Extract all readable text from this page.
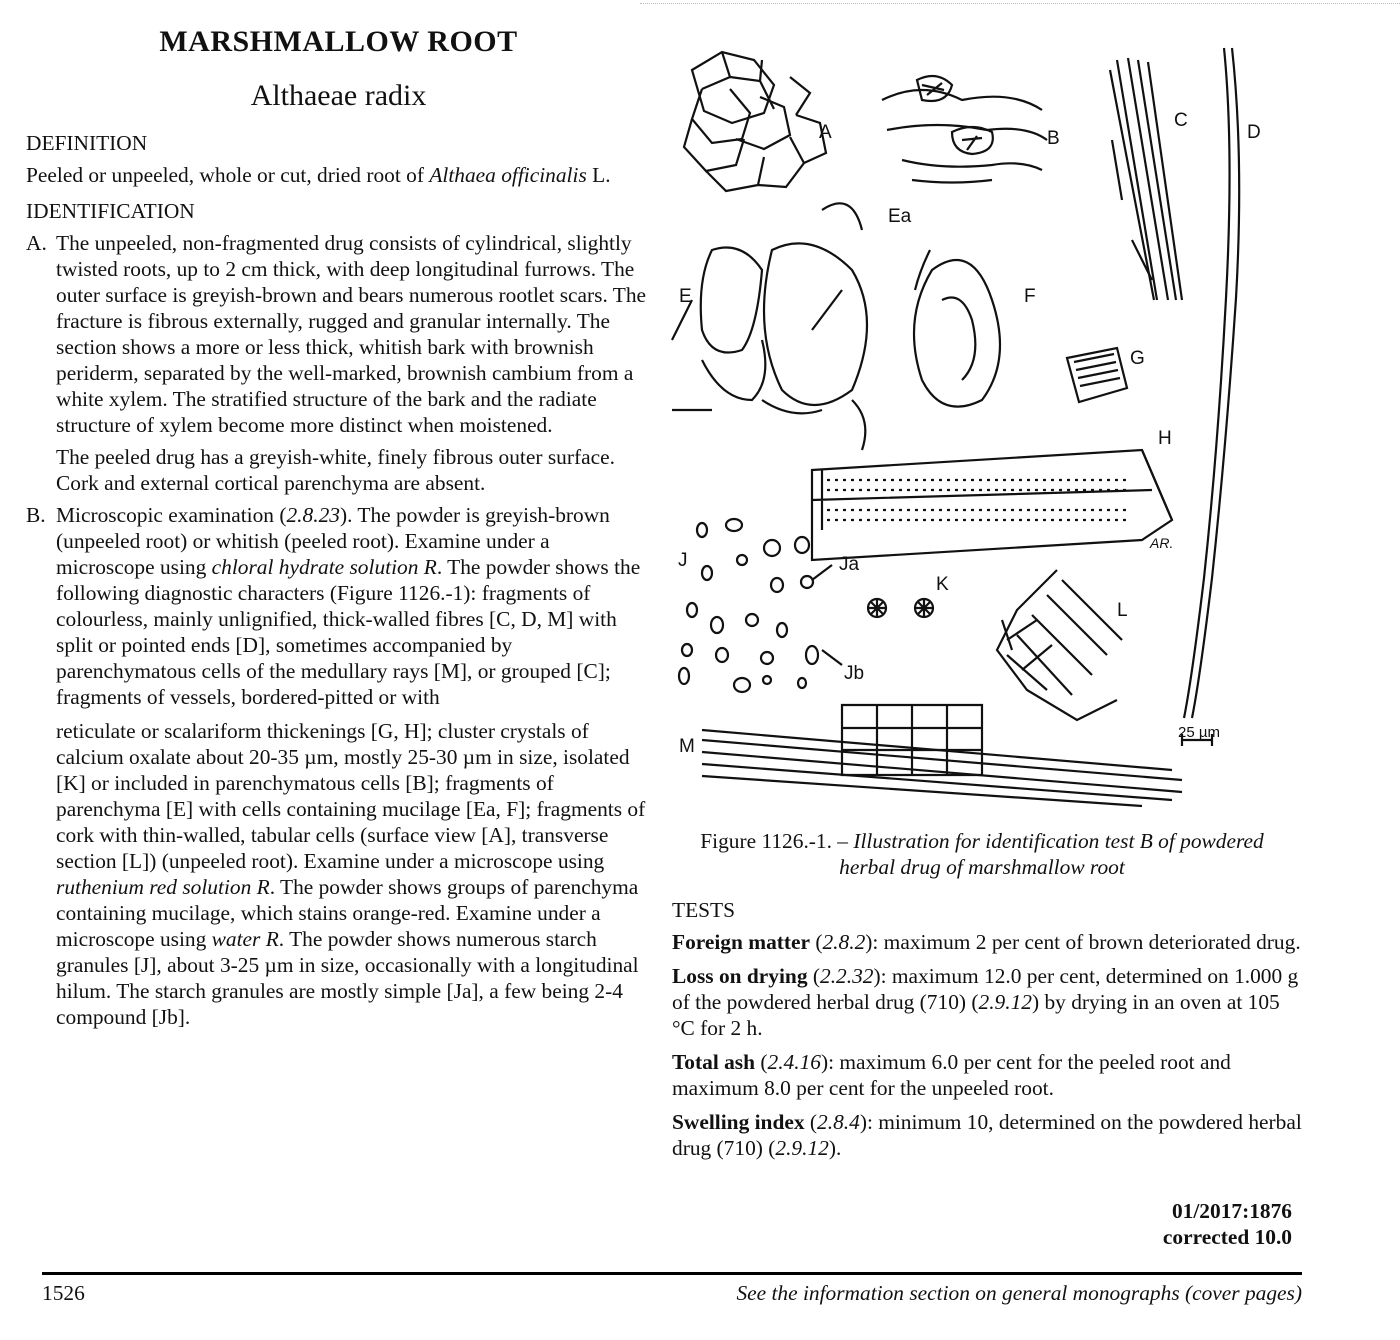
MARSHMALLOW ROOT
Althaeae radix
DEFINITION

Peeled or unpeeled, whole or cut, dried root of Althaea officinalis L.

IDENTIFICATION
A. The unpeeled, non-fragmented drug consists of cylindrical, slightly twisted roots, up to 2 cm thick, with deep longitudinal furrows. The outer surface is greyish-brown and bears numerous rootlet scars. The fracture is fibrous externally, rugged and granular internally. The section shows a more or less thick, whitish bark with brownish periderm, separated by the well-marked, brownish cambium from a white xylem. The stratified structure of the bark and the radiate structure of xylem become more distinct when moistened.

The peeled drug has a greyish-white, finely fibrous outer surface. Cork and external cortical parenchyma are absent.

B. Microscopic examination (2.8.23). The powder is greyish-brown (unpeeled root) or whitish (peeled root). Examine under a microscope using chloral hydrate solution R. The powder shows the following diagnostic characters (Figure 1126.-1): fragments of colourless, mainly unlignified, thick-walled fibres [C, D, M] with split or pointed ends [D], sometimes accompanied by parenchymatous cells of the medullary rays [M], or grouped [C]; fragments of vessels, bordered-pitted or with

reticulate or scalariform thickenings [G, H]; cluster crystals of calcium oxalate about 20-35 µm, mostly 25-30 µm in size, isolated [K] or included in parenchymatous cells [B]; fragments of parenchyma [E] with cells containing mucilage [Ea, F]; fragments of cork with thin-walled, tabular cells (surface view [A], transverse section [L]) (unpeeled root). Examine under a microscope using ruthenium red solution R. The powder shows groups of parenchyma containing mucilage, which stains orange-red. Examine under a microscope using water R. The powder shows numerous starch granules [J], about 3-25 µm in size, occasionally with a longitudinal hilum. The starch granules are mostly simple [Ja], a few being 2-4 compound [Jb].

A	B
C
D
E
Ea
F
G
H
J	Ja
Jb
K
L
M
25 µm
AR.
Figure 1126.-1. – Illustration for identification test B of powdered herbal drug of marshmallow root
TESTS

Foreign matter (2.8.2): maximum 2 per cent of brown deteriorated drug.

Loss on drying (2.2.32): maximum 12.0 per cent, determined on 1.000 g of the powdered herbal drug (710) (2.9.12) by drying in an oven at 105 °C for 2 h.

Total ash (2.4.16): maximum 6.0 per cent for the peeled root and maximum 8.0 per cent for the unpeeled root.

Swelling index (2.8.4): minimum 10, determined on the powdered herbal drug (710) (2.9.12).

01/2017:1876
corrected 10.0
1526	See the information section on general monographs (cover pages)
